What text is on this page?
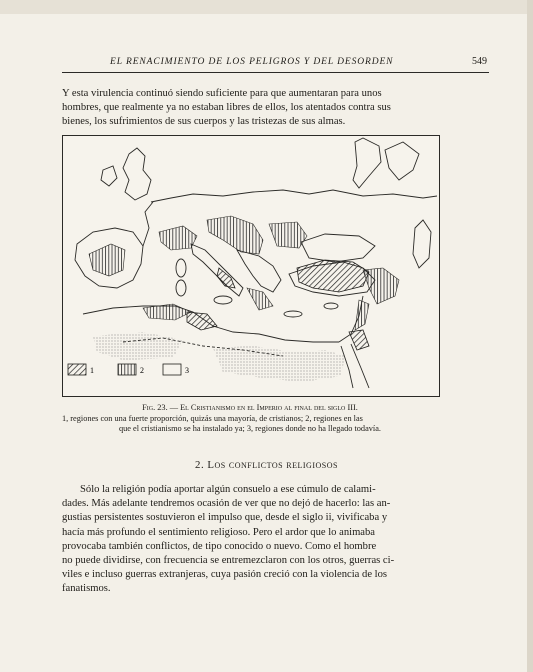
EL RENACIMIENTO DE LOS PELIGROS Y DEL DESORDEN	549

Y esta virulencia continuó siendo suficiente para que aumentaran para unos
hombres, que realmente ya no estaban libres de ellos, los atentados contra sus
bienes, los sufrimientos de sus cuerpos y las tristezas de sus almas.

1	2	3
Fig. 23. — El Cristianismo en el Imperio al final del siglo III.
1, regiones con una fuerte proporción, quizás una mayoría, de cristianos; 2, regiones en las
que el cristianismo se ha instalado ya; 3, regiones donde no ha llegado todavía.

2. Los conflictos religiosos

Sólo la religión podía aportar algún consuelo a ese cúmulo de calami-
dades. Más adelante tendremos ocasión de ver que no dejó de hacerlo: las an-
gustias persistentes sostuvieron el impulso que, desde el siglo ii, vivificaba y
hacía más profundo el sentimiento religioso. Pero el ardor que lo animaba
provocaba también conflictos, de tipo conocido o nuevo. Como el hombre
no puede dividirse, con frecuencia se entremezclaron con los otros, guerras ci-
viles e incluso guerras extranjeras, cuya pasión creció con la violencia de los
fanatismos.
